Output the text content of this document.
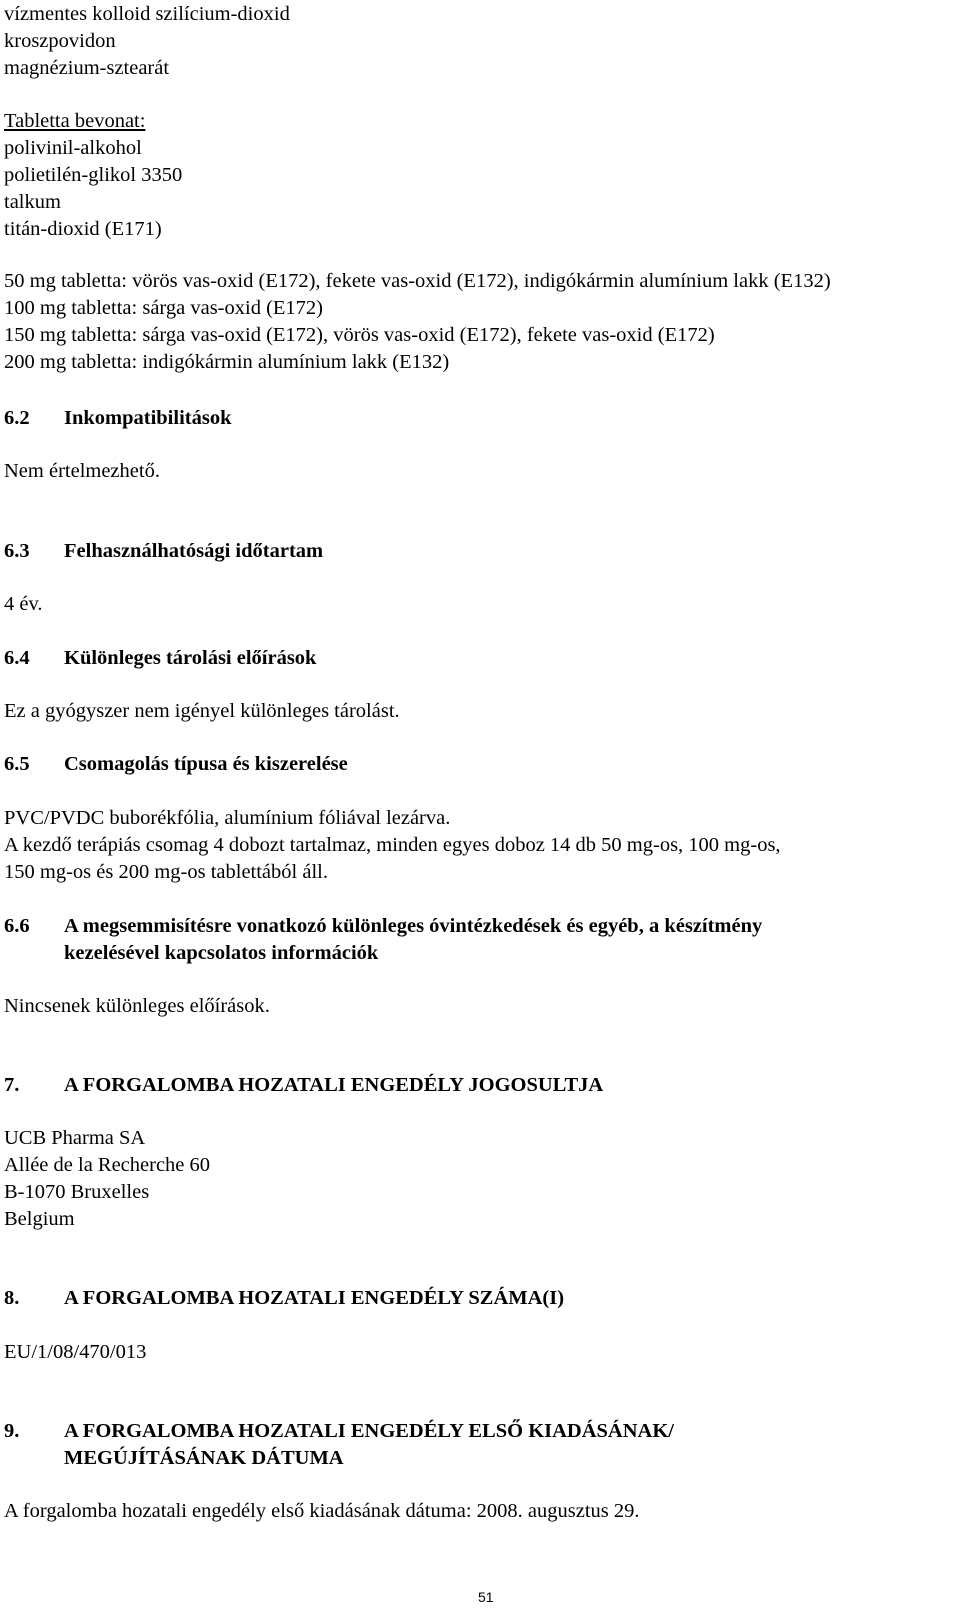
vízmentes kolloid szilícium-dioxid
kroszpovidon
magnézium-sztearát
Tabletta bevonat:
polivinil-alkohol
polietilén-glikol 3350
talkum
titán-dioxid (E171)
50 mg tabletta: vörös vas-oxid (E172), fekete vas-oxid (E172), indigókármin alumínium lakk (E132)
100 mg tabletta: sárga vas-oxid (E172)
150 mg tabletta: sárga vas-oxid (E172), vörös vas-oxid (E172), fekete vas-oxid (E172)
200 mg tabletta: indigókármin alumínium lakk (E132)
6.2 Inkompatibilitások
Nem értelmezhető.
6.3 Felhasználhatósági időtartam
4 év.
6.4 Különleges tárolási előírások
Ez a gyógyszer nem igényel különleges tárolást.
6.5 Csomagolás típusa és kiszerelése
PVC/PVDC buborékfólia, alumínium fóliával lezárva.
A kezdő terápiás csomag 4 dobozt tartalmaz, minden egyes doboz 14 db 50 mg-os, 100 mg-os,
150 mg-os és 200 mg-os tablettából áll.
6.6 A megsemmisítésre vonatkozó különleges óvintézkedések és egyéb, a készítmény
kezelésével kapcsolatos információk
Nincsenek különleges előírások.
7. A FORGALOMBA HOZATALI ENGEDÉLY JOGOSULTJA
UCB Pharma SA
Allée de la Recherche 60
B-1070 Bruxelles
Belgium
8. A FORGALOMBA HOZATALI ENGEDÉLY SZÁMA(I)
EU/1/08/470/013
9. A FORGALOMBA HOZATALI ENGEDÉLY ELSŐ KIADÁSÁNAK/
MEGÚJÍTÁSÁNAK DÁTUMA
A forgalomba hozatali engedély első kiadásának dátuma: 2008. augusztus 29.
51
